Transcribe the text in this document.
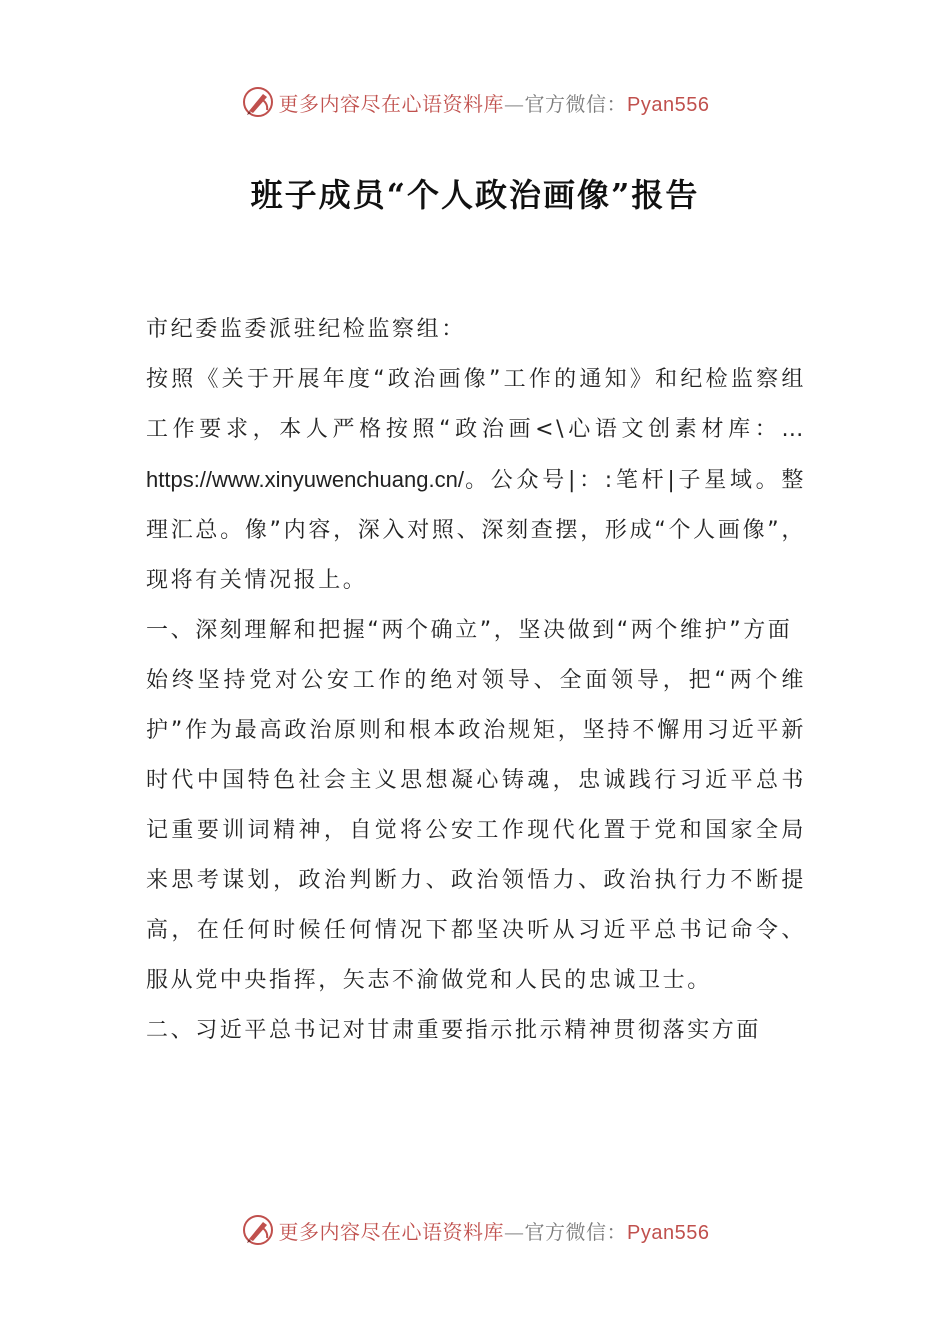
更多内容尽在心语资料库—官方微信：Pyan556
班子成员“个人政治画像”报告

市纪委监委派驻纪检监察组：

按照《关于开展年度“政治画像”工作的通知》和纪检监察组工作要求，本人严格按照“政治画<\心语文创素材库：…https://www.xinyuwenchuang.cn/。公众号|：:笔杆|子星域。整理汇总。像”内容，深入对照、深刻查摆，形成“个人画像”，现将有关情况报上。

一、深刻理解和把握“两个确立”，坚决做到“两个维护”方面

始终坚持党对公安工作的绝对领导、全面领导，把“两个维护”作为最高政治原则和根本政治规矩，坚持不懈用习近平新时代中国特色社会主义思想凝心铸魂，忠诚践行习近平总书记重要训词精神，自觉将公安工作现代化置于党和国家全局来思考谋划，政治判断力、政治领悟力、政治执行力不断提高，在任何时候任何情况下都坚决听从习近平总书记命令、服从党中央指挥，矢志不渝做党和人民的忠诚卫士。

二、习近平总书记对甘肃重要指示批示精神贯彻落实方面

更多内容尽在心语资料库—官方微信：Pyan556
